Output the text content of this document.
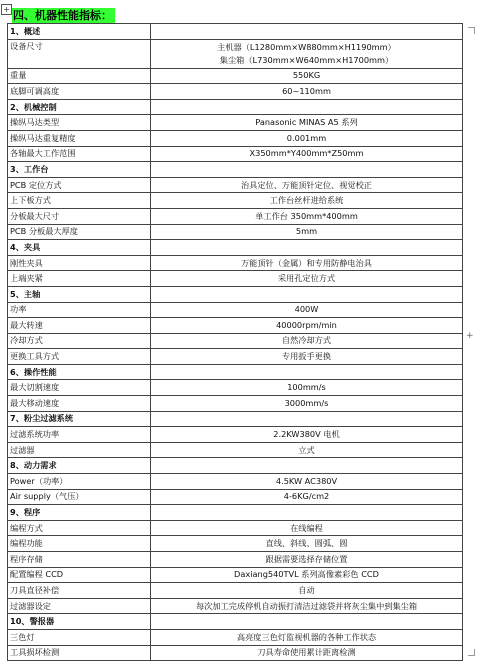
+ 四、机器性能指标：
+
1、概述	
设备尺寸	主机器（L1280mm×W880mm×H1190mm）
集尘箱（L730mm×W640mm×H1700mm）

重量	550KG
底脚可调高度	60~110mm
2、机械控制	
操纵马达类型	Panasonic MINAS A5 系列
操纵马达重复精度	0.001mm
各轴最大工作范围	X350mm*Y400mm*Z50mm
3、工作台	
PCB 定位方式	治具定位、万能顶针定位、视觉校正
上下板方式	工作台丝杆进给系统
分板最大尺寸	单工作台 350mm*400mm
PCB 分板最大厚度	5mm
4、夹具	
刚性夹具	万能顶针（金属）和专用防静电治具
上端夹紧	采用孔定位方式
5、主轴	
功率	400W
最大转速	40000rpm/min
冷却方式	自然冷却方式
更换工具方式	专用扳手更换
6、操作性能	
最大切割速度	100mm/s
最大移动速度	3000mm/s
7、粉尘过滤系统	
过滤系统功率	2.2KW380V 电机
过滤器	立式
8、动力需求	
Power（功率）	4.5KW AC380V
Air supply（气压）	4-6KG/cm2
9、程序	
编程方式	在线编程
编程功能	直线、斜线、圆弧、圆
程序存储	跟据需要选择存储位置
配置编程 CCD	Daxiang540TVL 系列高像素彩色 CCD
刀具直径补偿	自动
过滤器设定	每次加工完成停机自动振打清洁过滤袋并将灰尘集中到集尘箱
10、警报器	
三色灯	高亮度三色灯监视机器的各种工作状态
工具损坏检测	刀具寿命使用累计距离检测
